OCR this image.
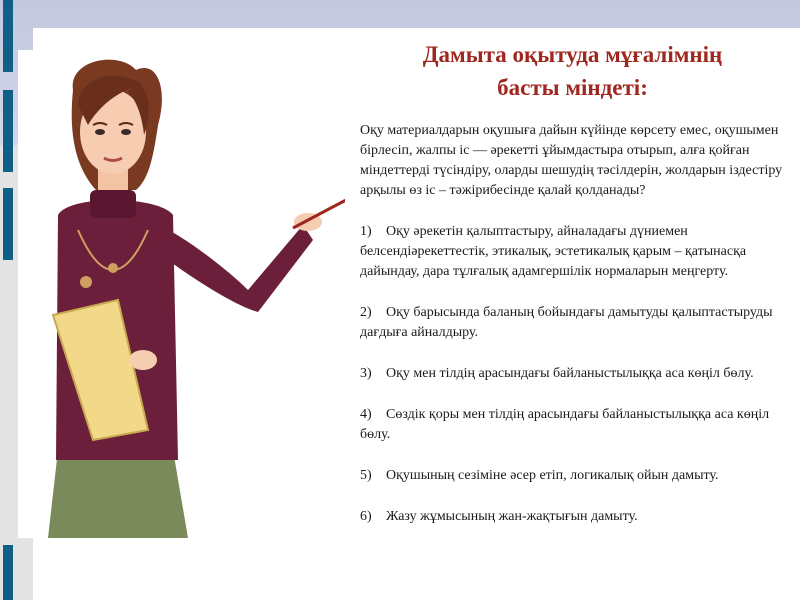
Дамыта оқытуда мұғалімнің
басты міндеті:

Оқу материалдарын оқушыға дайын күйінде көрсету емес, оқушымен бірлесіп, жалпы іс — әрекетті ұйымдастыра отырып, алға қойған міндеттерді түсіндіру, оларды шешудің тәсілдерін, жолдарын іздестіру арқылы өз іс – тәжірибесінде қалай қолданады?

1) Оқу әрекетін қалыптастыру, айналадағы дүниемен белсендіәрекеттестік, этикалық, эстетикалық қарым – қатынасқа дайындау, дара тұлғалық адамгершілік нормаларын меңгерту.

2) Оқу барысында баланың бойындағы дамытуды қалыптастыруды дағдыға айналдыру.

3) Оқу мен тілдің арасындағы байланыстылыққа аса көңіл бөлу.

4) Сөздік қоры мен тілдің арасындағы байланыстылыққа аса көңіл бөлу.

5) Оқушының сезіміне әсер етіп, логикалық ойын дамыту.

6) Жазу жұмысының жан-жақтығын дамыту.
